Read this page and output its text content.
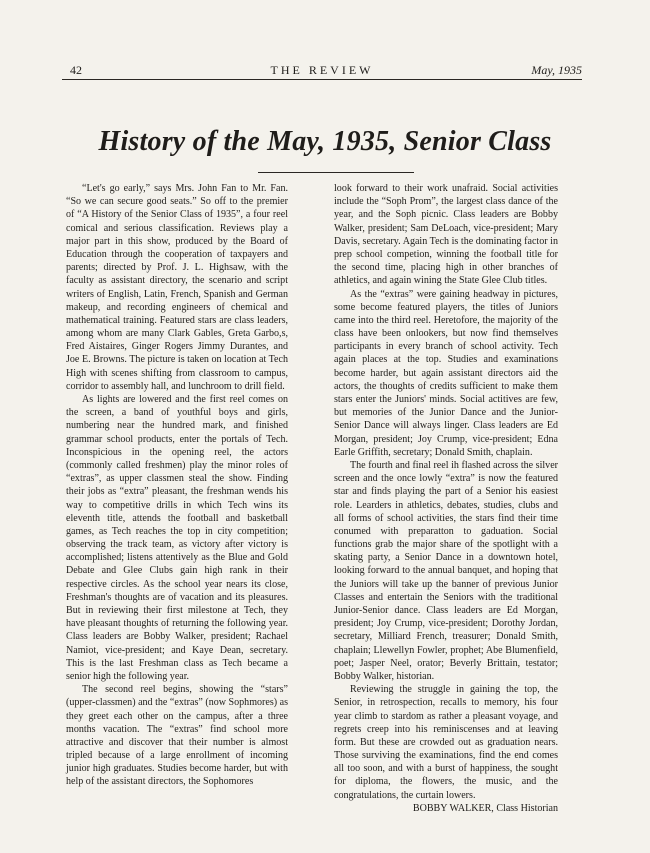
42	THE REVIEW	May, 1935
History of the May, 1935, Senior Class

“Let's go early,” says Mrs. John Fan to Mr. Fan. “So we can secure good seats.” So off to the premier of “A History of the Senior Class of 1935”, a four reel comical and serious classification. Reviews play a major part in this show, produced by the Board of Education through the cooperation of taxpayers and parents; directed by Prof. J. L. Highsaw, with the faculty as assistant directory, the scenario and script writers of English, Latin, French, Spanish and German makeup, and recording engineers of chemical and mathematical training. Featured stars are class leaders, among whom are many Clark Gables, Greta Garbo,s, Fred Aistaires, Ginger Rogers Jimmy Durantes, and Joe E. Browns. The picture is taken on location at Tech High with scenes shifting from classroom to campus, corridor to assembly hall, and lunchroom to drill field.

As lights are lowered and the first reel comes on the screen, a band of youthful boys and girls, numbering near the hundred mark, and finished grammar school products, enter the portals of Tech. Inconspicious in the opening reel, the actors (commonly called freshmen) play the minor roles of “extras”, as upper classmen steal the show. Finding their jobs as “extra” pleasant, the freshman wends his way to competitive drills in which Tech wins its eleventh title, attends the football and basketball games, as Tech reaches the top in city competition; observing the track team, as victory after victory is accomplished; listens attentively as the Blue and Gold Debate and Glee Clubs gain high rank in their respective circles. As the school year nears its close, Freshman's thoughts are of vacation and its pleasures. But in reviewing their first milestone at Tech, they have pleasant thoughts of returning the following year. Class leaders are Bobby Walker, president; Rachael Namiot, vice-president; and Kaye Dean, secretary. This is the last Freshman class as Tech became a senior high the following year.

The second reel begins, showing the “stars” (upper-classmen) and the “extras” (now Sophmores) as they greet each other on the campus, after a three months vacation. The “extras” find school more attractive and discover that their number is almost tripled because of a large enrollment of incoming junior high graduates. Studies become harder, but with help of the assistant directors, the Sophomores

look forward to their work unafraid. Social activities include the “Soph Prom”, the largest class dance of the year, and the Soph picnic. Class leaders are Bobby Walker, president; Sam DeLoach, vice-president; Mary Davis, secretary. Again Tech is the dominating factor in prep school competion, winning the football title for the second time, placing high in other branches of athletics, and again wining the State Glee Club titles.

As the “extras” were gaining headway in pictures, some become featured players, the titles of Juniors came into the third reel. Heretofore, the majority of the class have been onlookers, but now find themselves participants in every branch of school activity. Tech again places at the top. Studies and examinations become harder, but again assistant directors aid the actors, the thoughts of credits sufficient to make them stars enter the Juniors' minds. Social actitives are few, but memories of the Junior Dance and the Junior-Senior Dance will always linger. Class leaders are Ed Morgan, president; Joy Crump, vice-president; Edna Earle Griffith, secretary; Donald Smith, chaplain.

The fourth and final reel ih flashed across the silver screen and the once lowly “extra” is now the featured star and finds playing the part of a Senior his easiest role. Learders in athletics, debates, studies, clubs and all forms of school activities, the stars find their time conumed with preparatton to gaduation. Social functions grab the major share of the spotlight with a skating party, a Senior Dance in a downtown hotel, looking forward to the annual banquet, and hoping that the Juniors will take up the banner of previous Junior Classes and entertain the Seniors with the traditional Junior-Senior dance. Class leaders are Ed Morgan, president; Joy Crump, vice-president; Dorothy Jordan, secretary, Milliard French, treasurer; Donald Smith, chaplain; Llewellyn Fowler, prophet; Abe Blumenfield, poet; Jasper Neel, orator; Beverly Brittain, testator; Bobby Walker, historian.

Reviewing the struggle in gaining the top, the Senior, in retrospection, recalls to memory, his four year climb to stardom as rather a pleasant voyage, and regrets creep into his reminiscenses and at leaving form. But these are crowded out as graduation nears. Those surviving the examinations, find the end comes all too soon, and with a burst of happiness, the sought for diploma, the flowers, the music, and the congratulations, the curtain lowers.

BOBBY WALKER, Class Historian
